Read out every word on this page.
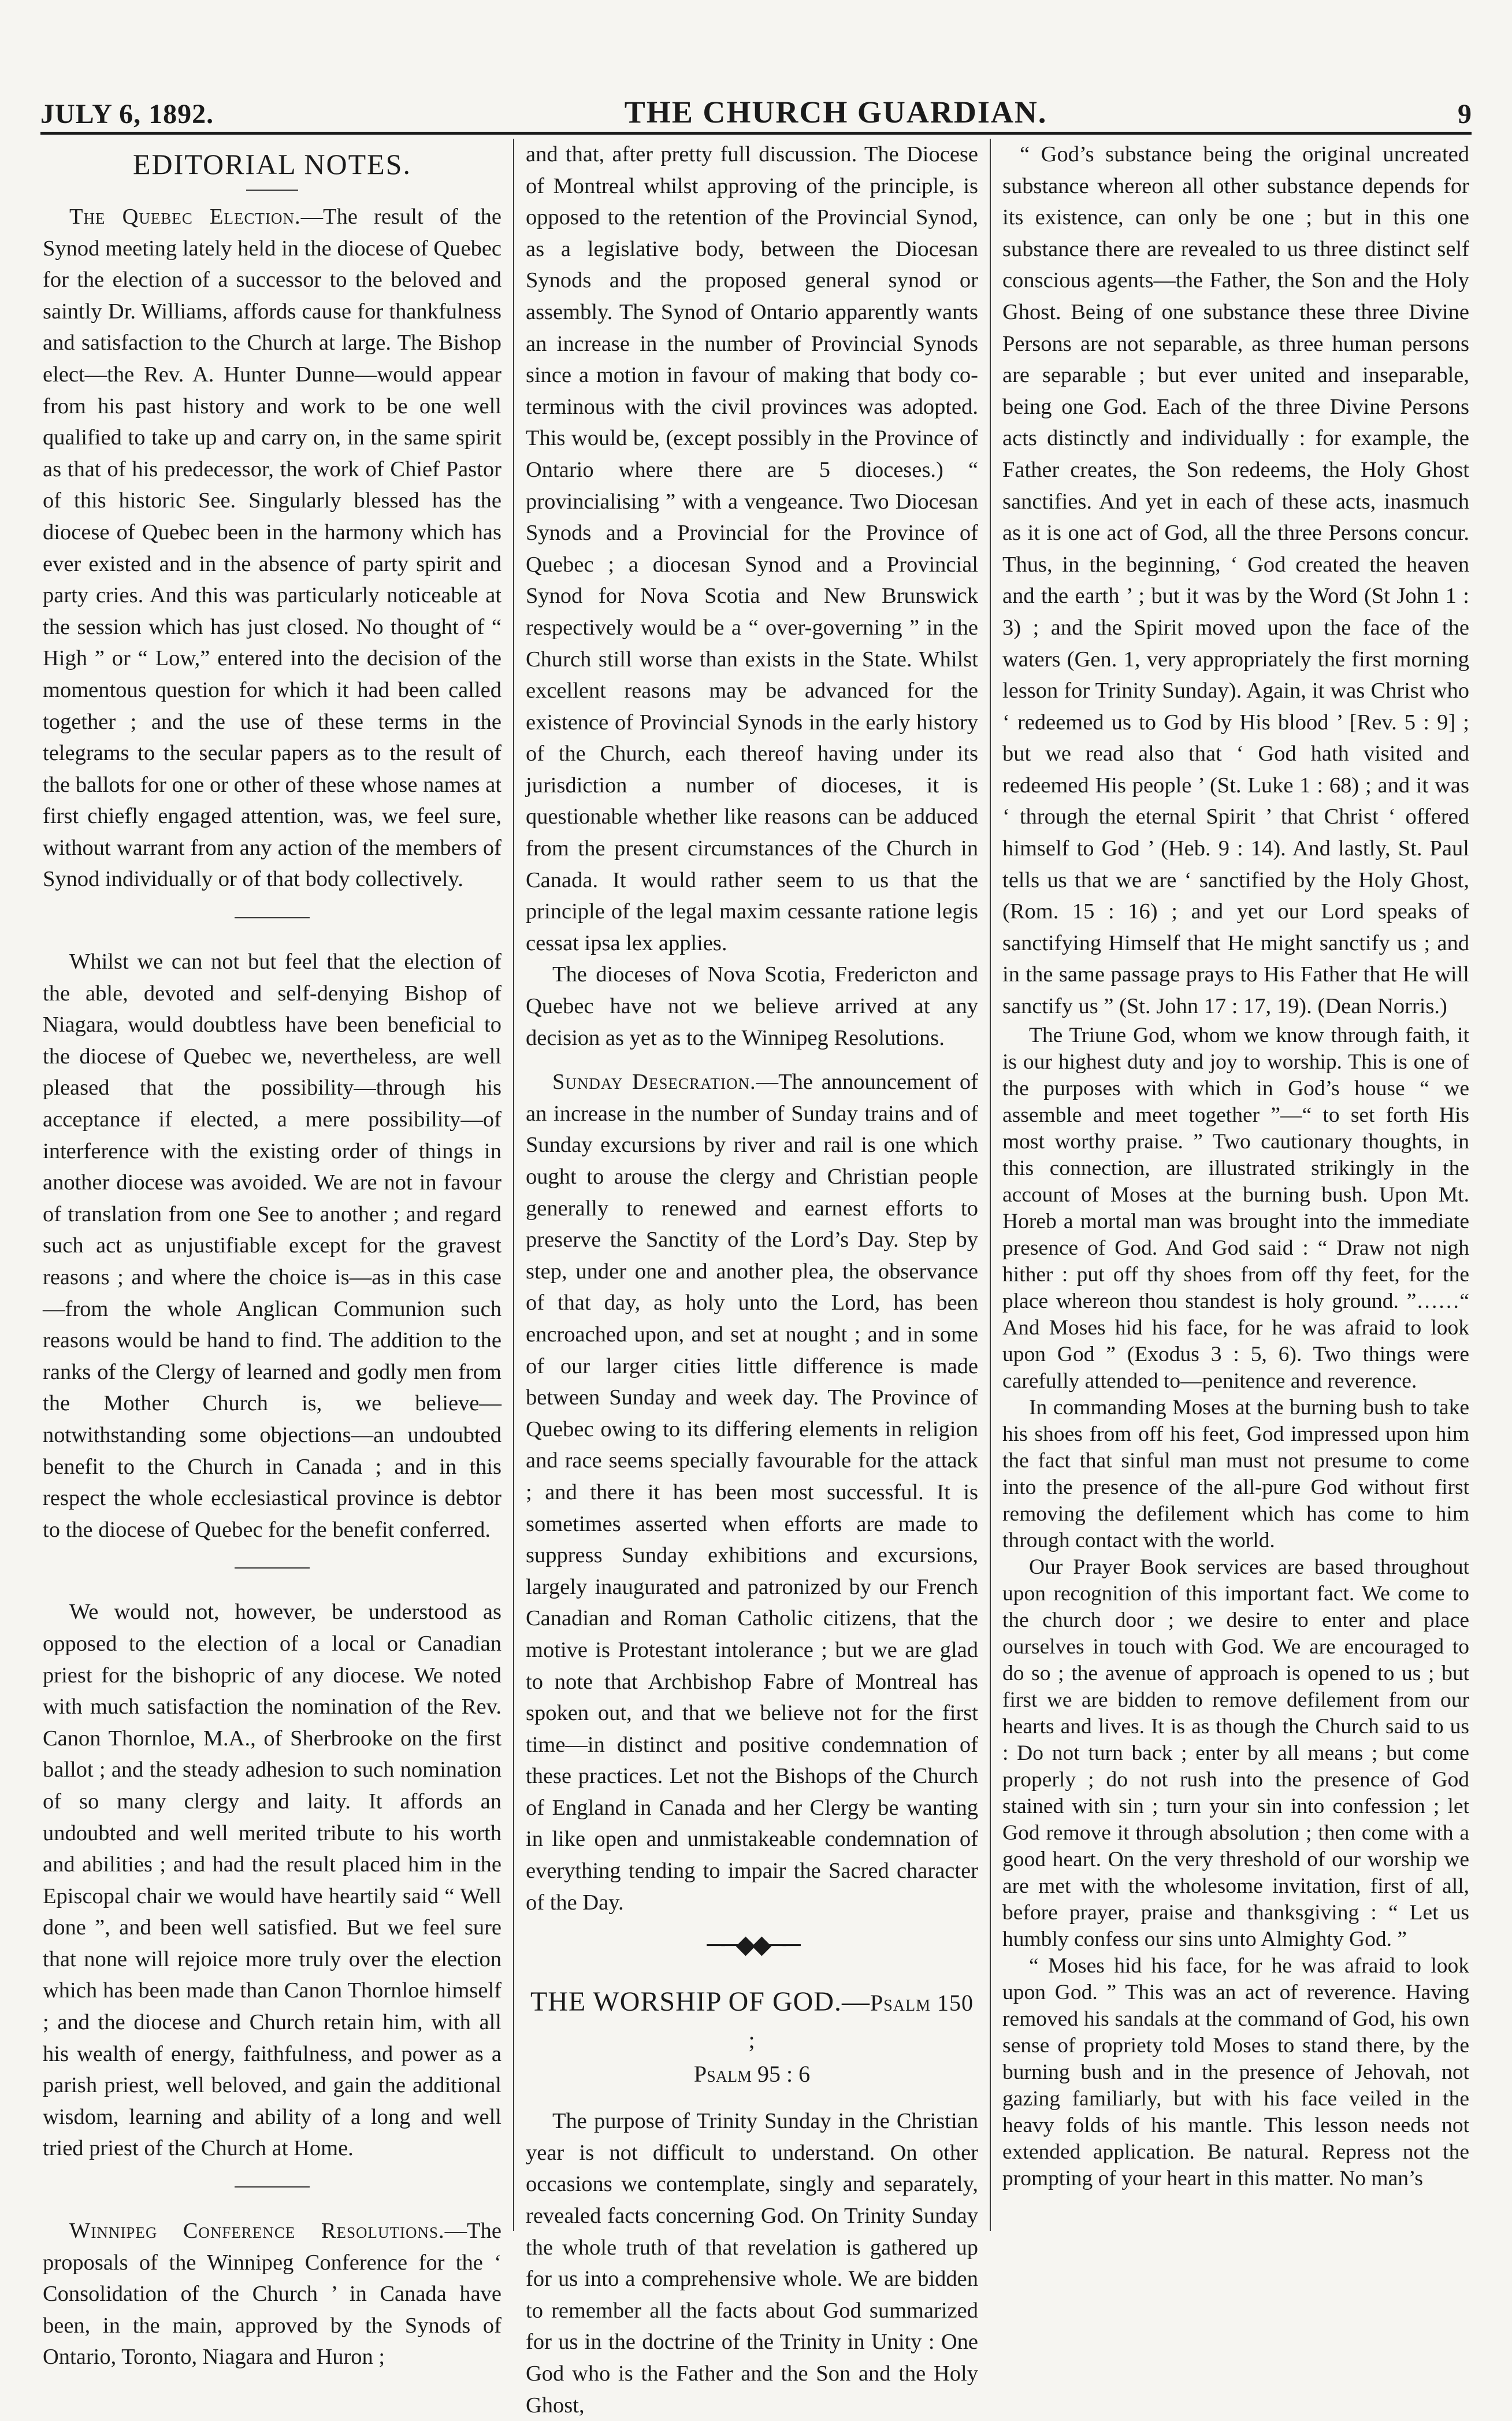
JULY 6, 1892.	THE CHURCH GUARDIAN.	9
EDITORIAL NOTES.

The Quebec Election.—The result of the Synod meeting lately held in the diocese of Quebec for the election of a successor to the beloved and saintly Dr. Williams, affords cause for thankfulness and satisfaction to the Church at large. The Bishop elect—the Rev. A. Hunter Dunne—would appear from his past history and work to be one well qualified to take up and carry on, in the same spirit as that of his predecessor, the work of Chief Pastor of this historic See. Singularly blessed has the diocese of Quebec been in the harmony which has ever existed and in the absence of party spirit and party cries. And this was particularly noticeable at the session which has just closed. No thought of “ High ” or “ Low,” entered into the decision of the momentous question for which it had been called together ; and the use of these terms in the telegrams to the secular papers as to the result of the ballots for one or other of these whose names at first chiefly engaged attention, was, we feel sure, without warrant from any action of the members of Synod individually or of that body collectively.

Whilst we can not but feel that the election of the able, devoted and self-denying Bishop of Niagara, would doubtless have been beneficial to the diocese of Quebec we, nevertheless, are well pleased that the possibility—through his acceptance if elected, a mere possibility—of interference with the existing order of things in another diocese was avoided. We are not in favour of translation from one See to another ; and regard such act as unjustifiable except for the gravest reasons ; and where the choice is—as in this case—from the whole Anglican Communion such reasons would be hand to find. The addition to the ranks of the Clergy of learned and godly men from the Mother Church is, we believe—notwithstanding some objections—an undoubted benefit to the Church in Canada ; and in this respect the whole ecclesiastical province is debtor to the diocese of Quebec for the benefit conferred.

We would not, however, be understood as opposed to the election of a local or Canadian priest for the bishopric of any diocese. We noted with much satisfaction the nomination of the Rev. Canon Thornloe, M.A., of Sherbrooke on the first ballot ; and the steady adhesion to such nomination of so many clergy and laity. It affords an undoubted and well merited tribute to his worth and abilities ; and had the result placed him in the Episcopal chair we would have heartily said “ Well done ”, and been well satisfied. But we feel sure that none will rejoice more truly over the election which has been made than Canon Thornloe himself ; and the diocese and Church retain him, with all his wealth of energy, faithfulness, and power as a parish priest, well beloved, and gain the additional wisdom, learning and ability of a long and well tried priest of the Church at Home.

Winnipeg Conference Resolutions.—The proposals of the Winnipeg Conference for the ‘ Consolidation of the Church ’ in Canada have been, in the main, approved by the Synods of Ontario, Toronto, Niagara and Huron ;

and that, after pretty full discussion. The Diocese of Montreal whilst approving of the principle, is opposed to the retention of the Provincial Synod, as a legislative body, between the Diocesan Synods and the proposed general synod or assembly. The Synod of Ontario apparently wants an increase in the number of Provincial Synods since a motion in favour of making that body co-terminous with the civil provinces was adopted. This would be, (except possibly in the Province of Ontario where there are 5 dioceses.) “ provincialising ” with a vengeance. Two Diocesan Synods and a Provincial for the Province of Quebec ; a diocesan Synod and a Provincial Synod for Nova Scotia and New Brunswick respectively would be a “ over-governing ” in the Church still worse than exists in the State. Whilst excellent reasons may be advanced for the existence of Provincial Synods in the early history of the Church, each thereof having under its jurisdiction a number of dioceses, it is questionable whether like reasons can be adduced from the present circumstances of the Church in Canada. It would rather seem to us that the principle of the legal maxim cessante ratione legis cessat ipsa lex applies.

The dioceses of Nova Scotia, Fredericton and Quebec have not we believe arrived at any decision as yet as to the Winnipeg Resolutions.

Sunday Desecration.—The announcement of an increase in the number of Sunday trains and of Sunday excursions by river and rail is one which ought to arouse the clergy and Christian people generally to renewed and earnest efforts to preserve the Sanctity of the Lord’s Day. Step by step, under one and another plea, the observance of that day, as holy unto the Lord, has been encroached upon, and set at nought ; and in some of our larger cities little difference is made between Sunday and week day. The Province of Quebec owing to its differing elements in religion and race seems specially favourable for the attack ; and there it has been most successful. It is sometimes asserted when efforts are made to suppress Sunday exhibitions and excursions, largely inaugurated and patronized by our French Canadian and Roman Catholic citizens, that the motive is Protestant intolerance ; but we are glad to note that Archbishop Fabre of Montreal has spoken out, and that we believe not for the first time—in distinct and positive condemnation of these practices. Let not the Bishops of the Church of England in Canada and her Clergy be wanting in like open and unmistakeable condemnation of everything tending to impair the Sacred character of the Day.

──◆◆──
THE WORSHIP OF GOD.—Psalm 150 ;
Psalm 95 : 6

The purpose of Trinity Sunday in the Christian year is not difficult to understand. On other occasions we contemplate, singly and separately, revealed facts concerning God. On Trinity Sunday the whole truth of that revelation is gathered up for us into a comprehensive whole. We are bidden to remember all the facts about God summarized for us in the doctrine of the Trinity in Unity : One God who is the Father and the Son and the Holy Ghost,

“ God’s substance being the original uncreated substance whereon all other substance depends for its existence, can only be one ; but in this one substance there are revealed to us three distinct self conscious agents—the Father, the Son and the Holy Ghost. Being of one substance these three Divine Persons are not separable, as three human persons are separable ; but ever united and inseparable, being one God. Each of the three Divine Persons acts distinctly and individually : for example, the Father creates, the Son redeems, the Holy Ghost sanctifies. And yet in each of these acts, inasmuch as it is one act of God, all the three Persons concur. Thus, in the beginning, ‘ God created the heaven and the earth ’ ; but it was by the Word (St John 1 : 3) ; and the Spirit moved upon the face of the waters (Gen. 1, very appropriately the first morning lesson for Trinity Sunday). Again, it was Christ who ‘ redeemed us to God by His blood ’ [Rev. 5 : 9] ; but we read also that ‘ God hath visited and redeemed His people ’ (St. Luke 1 : 68) ; and it was ‘ through the eternal Spirit ’ that Christ ‘ offered himself to God ’ (Heb. 9 : 14). And lastly, St. Paul tells us that we are ‘ sanctified by the Holy Ghost, (Rom. 15 : 16) ; and yet our Lord speaks of sanctifying Himself that He might sanctify us ; and in the same passage prays to His Father that He will sanctify us ” (St. John 17 : 17, 19). (Dean Norris.)

The Triune God, whom we know through faith, it is our highest duty and joy to worship. This is one of the purposes with which in God’s house “ we assemble and meet together ”—“ to set forth His most worthy praise. ” Two cautionary thoughts, in this connection, are illustrated strikingly in the account of Moses at the burning bush. Upon Mt. Horeb a mortal man was brought into the immediate presence of God. And God said : “ Draw not nigh hither : put off thy shoes from off thy feet, for the place whereon thou standest is holy ground. ”……“ And Moses hid his face, for he was afraid to look upon God ” (Exodus 3 : 5, 6). Two things were carefully attended to—penitence and reverence.

In commanding Moses at the burning bush to take his shoes from off his feet, God impressed upon him the fact that sinful man must not presume to come into the presence of the all-pure God without first removing the defilement which has come to him through contact with the world.

Our Prayer Book services are based throughout upon recognition of this important fact. We come to the church door ; we desire to enter and place ourselves in touch with God. We are encouraged to do so ; the avenue of approach is opened to us ; but first we are bidden to remove defilement from our hearts and lives. It is as though the Church said to us : Do not turn back ; enter by all means ; but come properly ; do not rush into the presence of God stained with sin ; turn your sin into confession ; let God remove it through absolution ; then come with a good heart. On the very threshold of our worship we are met with the wholesome invitation, first of all, before prayer, praise and thanksgiving : “ Let us humbly confess our sins unto Almighty God. ”

“ Moses hid his face, for he was afraid to look upon God. ” This was an act of reverence. Having removed his sandals at the command of God, his own sense of propriety told Moses to stand there, by the burning bush and in the presence of Jehovah, not gazing familiarly, but with his face veiled in the heavy folds of his mantle. This lesson needs not extended application. Be natural. Repress not the prompting of your heart in this matter. No man’s
